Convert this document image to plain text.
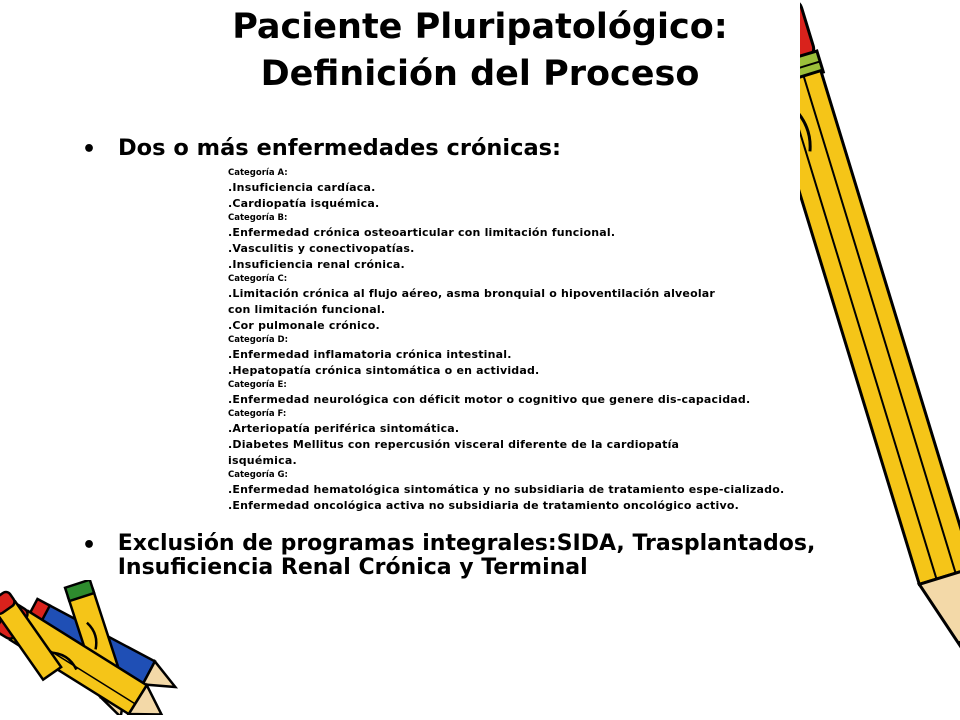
Paciente Pluripatológico:
Definición del Proceso
• Dos o más enfermedades crónicas:
Categoría A:
.Insuficiencia cardíaca.
.Cardiopatía isquémica.
Categoría B:
.Enfermedad crónica osteoarticular con limitación funcional.
.Vasculitis y conectivopatías.
.Insuficiencia renal crónica.
Categoría C:
.Limitación crónica al flujo aéreo, asma bronquial o hipoventilación alveolar
con limitación funcional.
.Cor pulmonale crónico.
Categoría D:
.Enfermedad inflamatoria crónica intestinal.
.Hepatopatía crónica sintomática o en actividad.
Categoría E:
.Enfermedad neurológica con déficit motor o cognitivo que genere dis-capacidad.
Categoría F:
.Arteriopatía periférica sintomática.
.Diabetes Mellitus con repercusión visceral diferente de la cardiopatía
isquémica.
Categoría G:
.Enfermedad hematológica sintomática y no subsidiaria de tratamiento espe-cializado.
.Enfermedad oncológica activa no subsidiaria de tratamiento oncológico activo.
• Exclusión de programas integrales:SIDA, Trasplantados, Insuficiencia Renal Crónica y Terminal
